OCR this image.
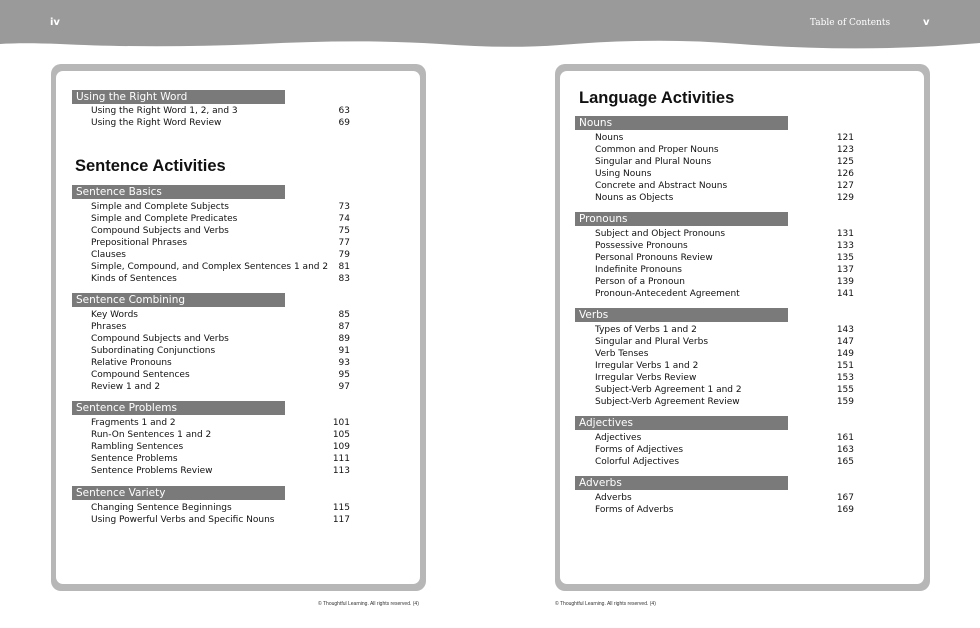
iv	Table of Contents	v
Using the Right Word
Using the Right Word 1, 2, and 3	63
Using the Right Word Review	69
Sentence Activities
Sentence Basics
Simple and Complete Subjects	73
Simple and Complete Predicates	74
Compound Subjects and Verbs	75
Prepositional Phrases	77
Clauses	79
Simple, Compound, and Complex Sentences 1 and 2	81
Kinds of Sentences	83
Sentence Combining
Key Words	85
Phrases	87
Compound Subjects and Verbs	89
Subordinating Conjunctions	91
Relative Pronouns	93
Compound Sentences	95
Review 1 and 2	97
Sentence Problems
Fragments 1 and 2	101
Run-On Sentences 1 and 2	105
Rambling Sentences	109
Sentence Problems	111
Sentence Problems Review	113
Sentence Variety
Changing Sentence Beginnings	115
Using Powerful Verbs and Specific Nouns	117
Language Activities
Nouns
Nouns	121
Common and Proper Nouns	123
Singular and Plural Nouns	125
Using Nouns	126
Concrete and Abstract Nouns	127
Nouns as Objects	129
Pronouns
Subject and Object Pronouns	131
Possessive Pronouns	133
Personal Pronouns Review	135
Indefinite Pronouns	137
Person of a Pronoun	139
Pronoun-Antecedent Agreement	141
Verbs
Types of Verbs 1 and 2	143
Singular and Plural Verbs	147
Verb Tenses	149
Irregular Verbs 1 and 2	151
Irregular Verbs Review	153
Subject-Verb Agreement 1 and 2	155
Subject-Verb Agreement Review	159
Adjectives
Adjectives	161
Forms of Adjectives	163
Colorful Adjectives	165
Adverbs
Adverbs	167
Forms of Adverbs	169
© Thoughtful Learning. All rights reserved. (4)	© Thoughtful Learning. All rights reserved. (4)
